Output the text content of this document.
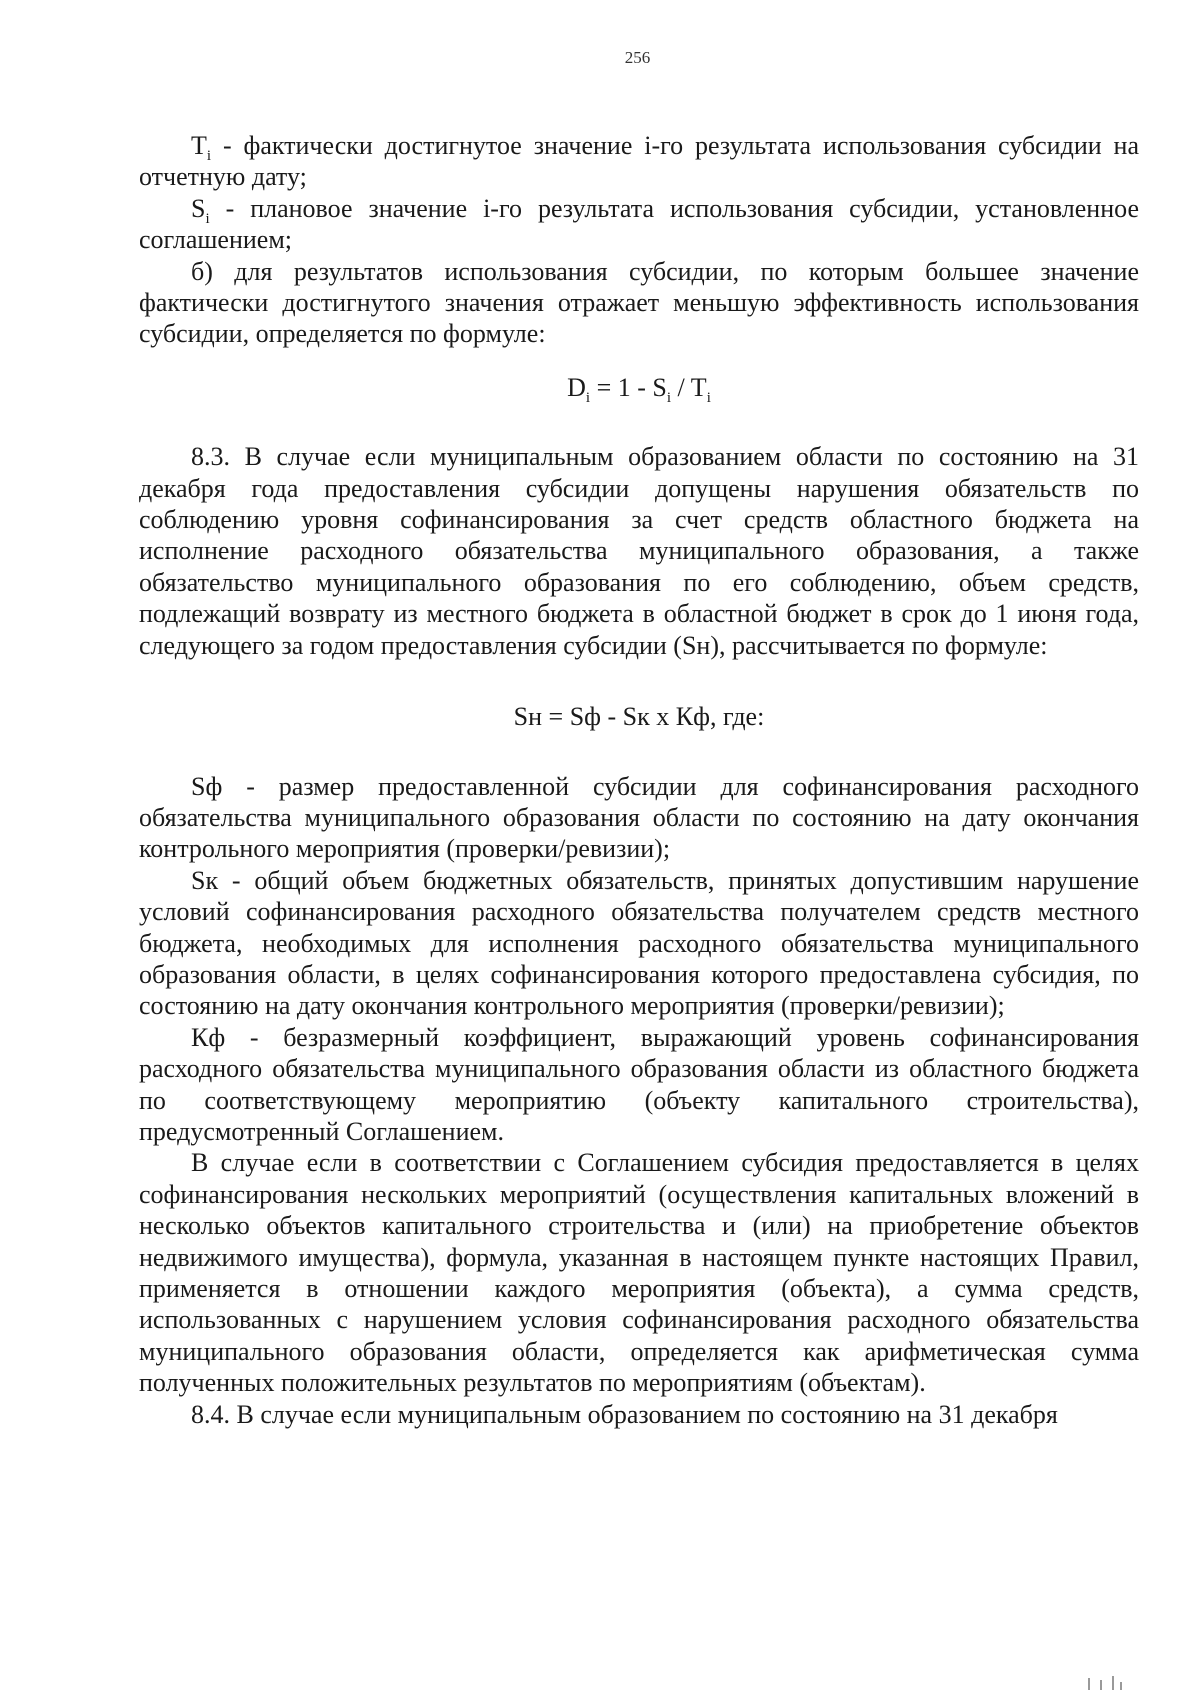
256

$T_i$ - фактически достигнутое значение i-го результата использования субсидии на отчетную дату;

$S_i$ - плановое значение i-го результата использования субсидии, установленное соглашением;

б) для результатов использования субсидии, по которым большее значение фактически достигнутого значения отражает меньшую эффективность использования субсидии, определяется по формуле:

$D_i = 1 - S_i / T_i$

8.3. В случае если муниципальным образованием области по состоянию на 31 декабря года предоставления субсидии допущены нарушения обязательств по соблюдению уровня софинансирования за счет средств областного бюджета на исполнение расходного обязательства муниципального образования, а также обязательство муниципального образования по его соблюдению, объем средств, подлежащий возврату из местного бюджета в областной бюджет в срок до 1 июня года, следующего за годом предоставления субсидии (Sн), рассчитывается по формуле:

Sн = Sф - Sк х Кф, где:

Sф - размер предоставленной субсидии для софинансирования расходного обязательства муниципального образования области по состоянию на дату окончания контрольного мероприятия (проверки/ревизии);

Sк - общий объем бюджетных обязательств, принятых допустившим нарушение условий софинансирования расходного обязательства получателем средств местного бюджета, необходимых для исполнения расходного обязательства муниципального образования области, в целях софинансирования которого предоставлена субсидия, по состоянию на дату окончания контрольного мероприятия (проверки/ревизии);

Кф - безразмерный коэффициент, выражающий уровень софинансирования расходного обязательства муниципального образования области из областного бюджета по соответствующему мероприятию (объекту капитального строительства), предусмотренный Соглашением.

В случае если в соответствии с Соглашением субсидия предоставляется в целях софинансирования нескольких мероприятий (осуществления капитальных вложений в несколько объектов капитального строительства и (или) на приобретение объектов недвижимого имущества), формула, указанная в настоящем пункте настоящих Правил, применяется в отношении каждого мероприятия (объекта), а сумма средств, использованных с нарушением условия софинансирования расходного обязательства муниципального образования области, определяется как арифметическая сумма полученных положительных результатов по мероприятиям (объектам).

8.4. В случае если муниципальным образованием по состоянию на 31 декабря
